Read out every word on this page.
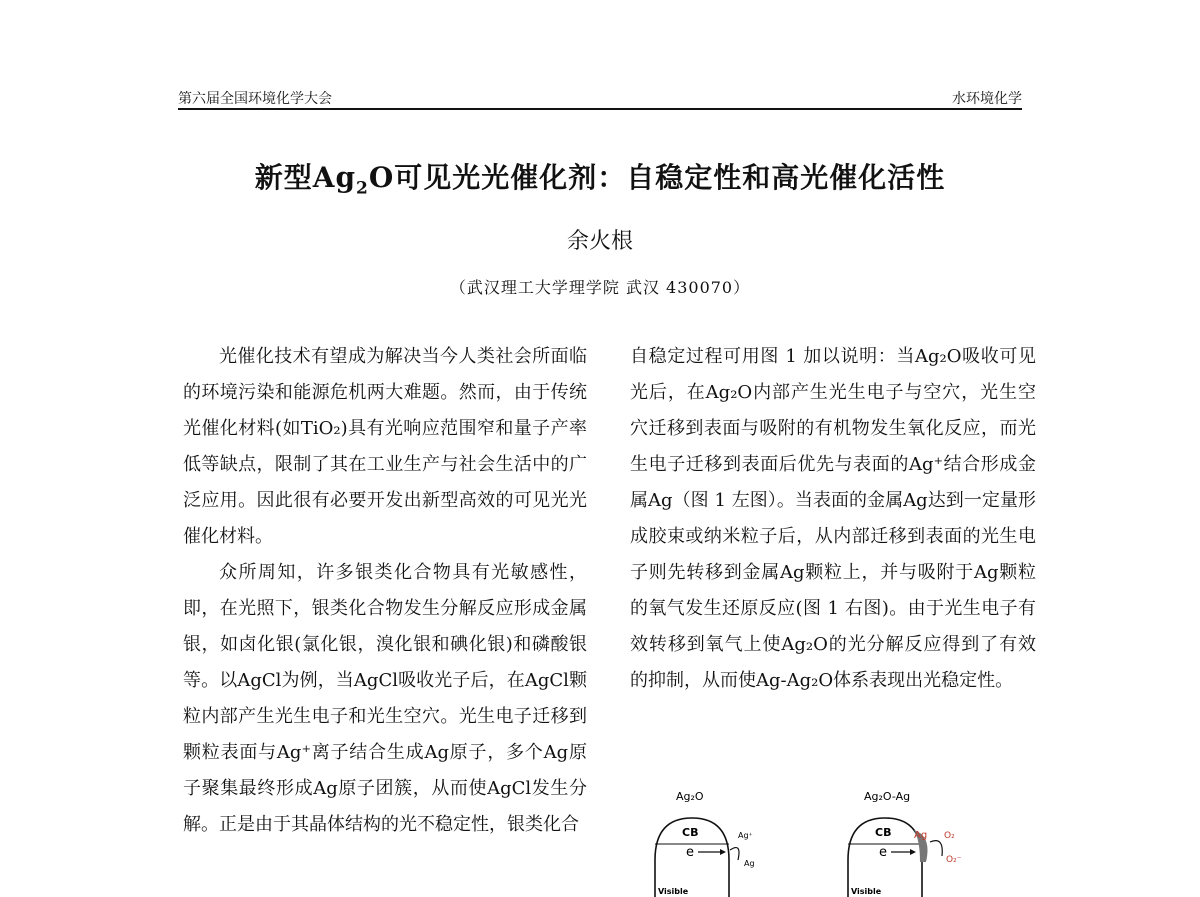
第六届全国环境化学大会	水环境化学
新型$Ag_2O$可见光光催化剂：自稳定性和高光催化活性
余火根
（武汉理工大学理学院 武汉 430070）

光催化技术有望成为解决当今人类社会所面临的环境污染和能源危机两大难题。然而，由于传统光催化材料(如TiO₂)具有光响应范围窄和量子产率低等缺点，限制了其在工业生产与社会生活中的广泛应用。因此很有必要开发出新型高效的可见光光催化材料。

众所周知，许多银类化合物具有光敏感性，即，在光照下，银类化合物发生分解反应形成金属银，如卤化银(氯化银，溴化银和碘化银)和磷酸银等。以AgCl为例，当AgCl吸收光子后，在AgCl颗粒内部产生光生电子和光生空穴。光生电子迁移到颗粒表面与Ag⁺离子结合生成Ag原子，多个Ag原子聚集最终形成Ag原子团簇，从而使AgCl发生分解。正是由于其晶体结构的光不稳定性，银类化合

自稳定过程可用图 1 加以说明：当Ag₂O吸收可见光后，在Ag₂O内部产生光生电子与空穴，光生空穴迁移到表面与吸附的有机物发生氧化反应，而光生电子迁移到表面后优先与表面的Ag⁺结合形成金属Ag（图 1 左图）。当表面的金属Ag达到一定量形成胶束或纳米粒子后，从内部迁移到表面的光生电子则先转移到金属Ag颗粒上，并与吸附于Ag颗粒的氧气发生还原反应(图 1 右图)。由于光生电子有效转移到氧气上使Ag₂O的光分解反应得到了有效的抑制，从而使Ag-Ag₂O体系表现出光稳定性。

Ag₂O
CB
e
Ag⁺
Ag
Visible
Ag₂O-Ag
CB
e
Ag O₂
O₂⁻
Visible
